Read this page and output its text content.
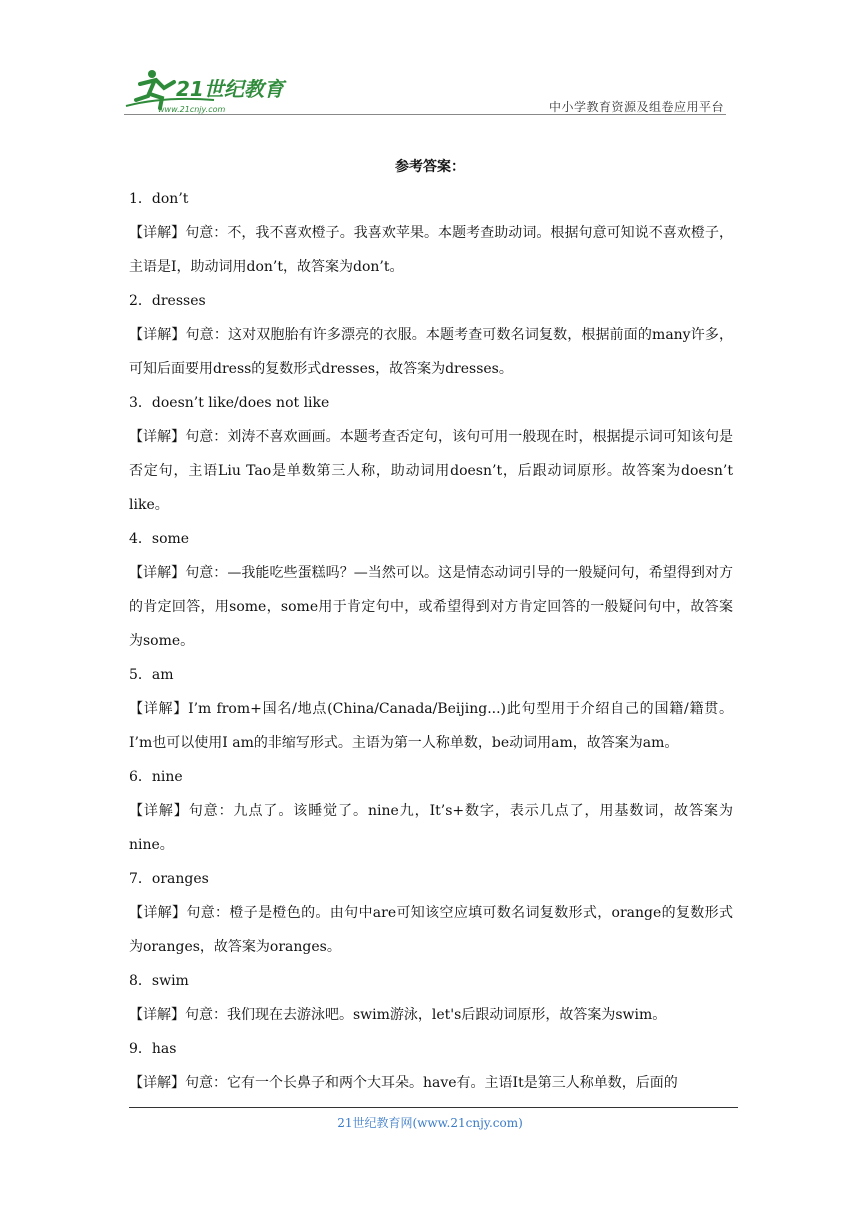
21世纪教育
www.21cnjy.com	中小学教育资源及组卷应用平台
参考答案：
1．don’t
【详解】句意：不，我不喜欢橙子。我喜欢苹果。本题考查助动词。根据句意可知说不喜欢橙子，主语是I，助动词用don’t，故答案为don’t。
2．dresses
【详解】句意：这对双胞胎有许多漂亮的衣服。本题考查可数名词复数，根据前面的many许多，可知后面要用dress的复数形式dresses，故答案为dresses。
3．doesn’t like/does not like
【详解】句意：刘涛不喜欢画画。本题考查否定句，该句可用一般现在时，根据提示词可知该句是否定句，主语Liu Tao是单数第三人称，助动词用doesn’t，后跟动词原形。故答案为doesn’t like。
4．some
【详解】句意：—我能吃些蛋糕吗？—当然可以。这是情态动词引导的一般疑问句，希望得到对方的肯定回答，用some，some用于肯定句中，或希望得到对方肯定回答的一般疑问句中，故答案为some。
5．am
【详解】I’m from+国名/地点(China/Canada/Beijing...)此句型用于介绍自己的国籍/籍贯。I’m也可以使用I am的非缩写形式。主语为第一人称单数，be动词用am，故答案为am。
6．nine
【详解】句意：九点了。该睡觉了。nine九，It’s+数字，表示几点了，用基数词，故答案为nine。
7．oranges
【详解】句意：橙子是橙色的。由句中are可知该空应填可数名词复数形式，orange的复数形式为oranges，故答案为oranges。
8．swim
【详解】句意：我们现在去游泳吧。swim游泳，let's后跟动词原形，故答案为swim。
9．has
【详解】句意：它有一个长鼻子和两个大耳朵。have有。主语It是第三人称单数，后面的
21世纪教育网(www.21cnjy.com)
